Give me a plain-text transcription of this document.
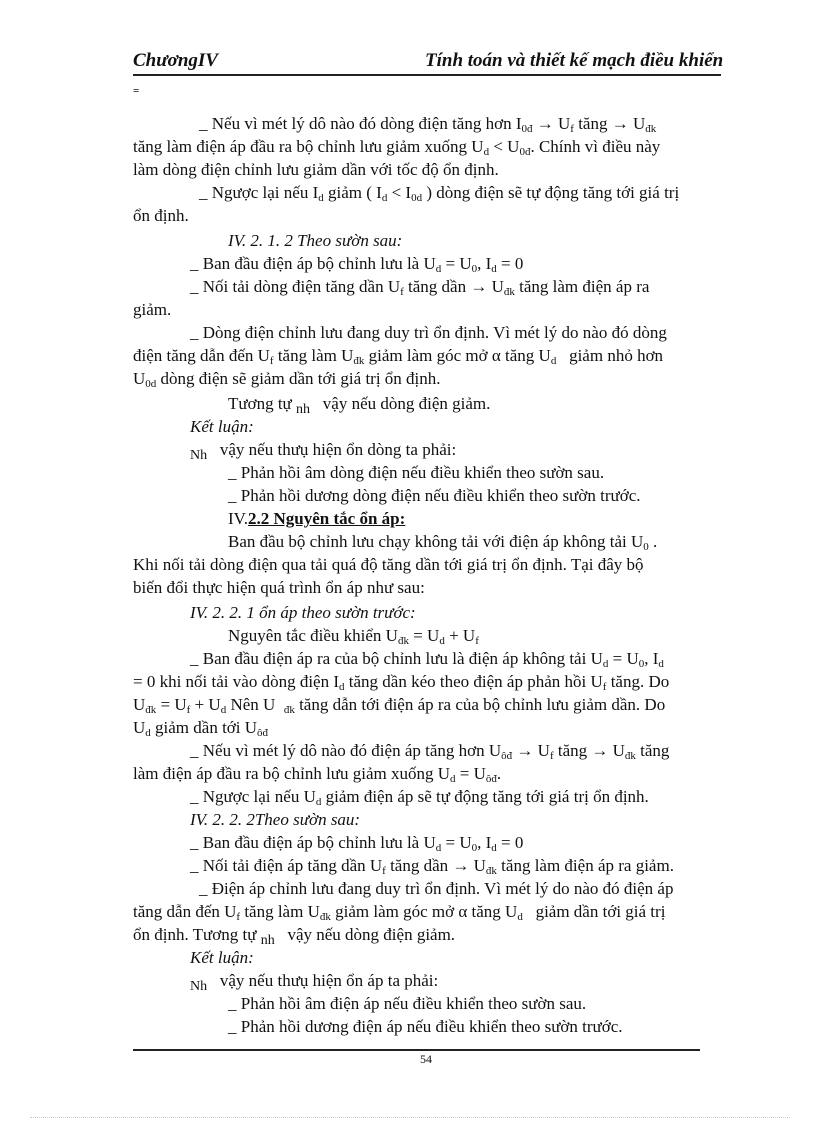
ChươngIV	Tính toán và thiết kế mạch điều khiển
=
_ Nếu vì mét lý dô nào đó dòng điện tăng hơn $I_{0đ} \to U_f$ tăng → $U_{đk}$
tăng làm điện áp đầu ra bộ chỉnh lưu giảm xuống $U_d < U_{0đ}$. Chính vì điều này
làm dòng điện chỉnh lưu giảm dần với tốc độ ổn định.
_ Ngược lại nếu $I_d$ giảm ( $I_d < I_{0d}$ ) dòng điện sẽ tự động tăng tới giá trị
ổn định.
IV. 2. 1. 2 Theo sườn sau:
_ Ban đầu điện áp bộ chỉnh lưu là $U_d = U_0$, $I_d = 0$
_ Nối tải dòng điện tăng dần $U_f$ tăng dần → $U_{đk}$ tăng làm điện áp ra
giảm.
_ Dòng điện chỉnh lưu đang duy trì ổn định. Vì mét lý do nào đó dòng
điện tăng dẫn đến $U_f$ tăng làm $U_{đk}$ giảm làm góc mở α tăng $U_d$   giảm nhỏ hơn
$U_{0d}$ dòng điện sẽ giảm dần tới giá trị ổn định.
Tương tự $_{nh}$   vậy nếu dòng điện giảm.
Kết luận:
$_{Nh}$   vậy nếu thưụ hiện ổn dòng ta phải:
_ Phản hồi âm dòng điện nếu điều khiển theo sườn sau.
_ Phản hồi dương dòng điện nếu điều khiển theo sườn trước.
IV.2.2 Nguyên tắc ổn áp:
Ban đầu bộ chỉnh lưu chạy không tải với điện áp không tải $U_0$ .
Khi nối tải dòng điện qua tải quá độ tăng dần tới giá trị ổn định. Tại đây bộ
biến đổi thực hiện quá trình ổn áp như sau:
IV. 2. 2. 1 ổn áp theo sườn trước:
Nguyên tắc điều khiển $U_{đk} = U_d + U_f$
_ Ban đầu điện áp ra của bộ chỉnh lưu là điện áp không tải $U_d = U_0$, $I_d$
= 0 khi nối tải vào dòng điện $I_d$ tăng dần kéo theo điện áp phản hồi $U_f$ tăng. Do
$U_{đk} = U_f + U_d$ Nên U  $_{đk}$ tăng dẫn tới điện áp ra của bộ chỉnh lưu giảm dần. Do
$U_d$ giảm dần tới $U_{ôđ}$
_ Nếu vì mét lý dô nào đó điện áp tăng hơn $U_{ôđ} \to U_f$ tăng → $U_{đk}$ tăng
làm điện áp đầu ra bộ chỉnh lưu giảm xuống $U_d = U_{ôđ}$.
_ Ngược lại nếu $U_d$ giảm điện áp sẽ tự động tăng tới giá trị ổn định.
IV. 2. 2. 2Theo sườn sau:
_ Ban đầu điện áp bộ chỉnh lưu là $U_d = U_0$, $I_d = 0$
_ Nối tải điện áp tăng dần $U_f$ tăng dần → $U_{đk}$ tăng làm điện áp ra giảm.
_ Điện áp chỉnh lưu đang duy trì ổn định. Vì mét lý do nào đó điện áp
tăng dẫn đến $U_f$ tăng làm $U_{đk}$ giảm làm góc mở α tăng $U_d$   giảm dần tới giá trị
ổn định. Tương tự $_{nh}$   vậy nếu dòng điện giảm.
Kết luận:
$_{Nh}$   vậy nếu thưụ hiện ổn áp ta phải:
_ Phản hồi âm điện áp nếu điều khiển theo sườn sau.
_ Phản hồi dương điện áp nếu điều khiển theo sườn trước.
54
